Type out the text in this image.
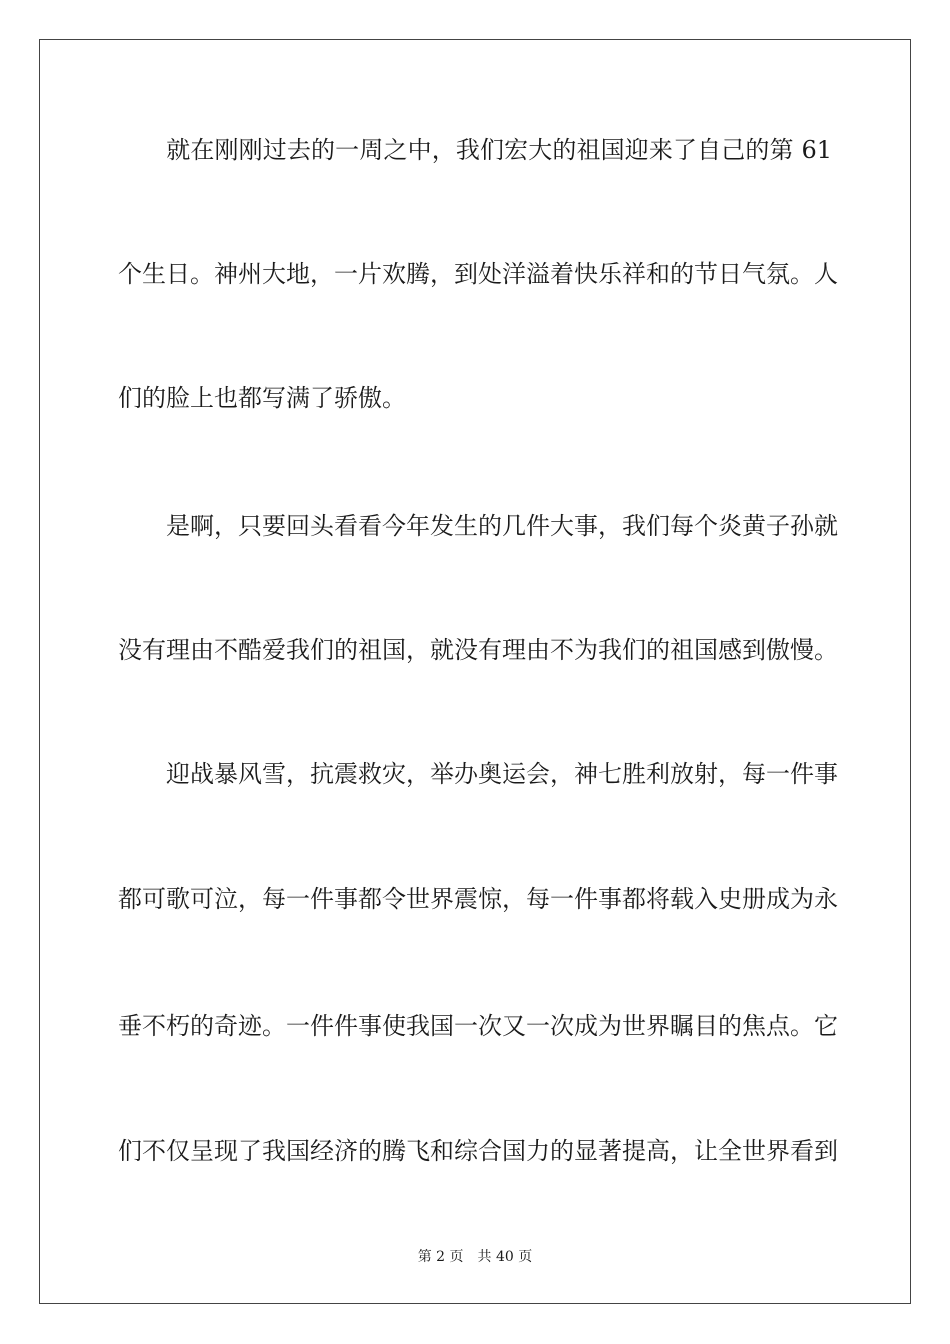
　　就在刚刚过去的一周之中，我们宏大的祖国迎来了自己的第 61
个生日。神州大地，一片欢腾，到处洋溢着快乐祥和的节日气氛。人
们的脸上也都写满了骄傲。
　　是啊，只要回头看看今年发生的几件大事，我们每个炎黄子孙就
没有理由不酷爱我们的祖国，就没有理由不为我们的祖国感到傲慢。
　　迎战暴风雪，抗震救灾，举办奥运会，神七胜利放射，每一件事
都可歌可泣，每一件事都令世界震惊，每一件事都将载入史册成为永
垂不朽的奇迹。一件件事使我国一次又一次成为世界瞩目的焦点。它
们不仅呈现了我国经济的腾飞和综合国力的显著提高，让全世界看到
第 2 页 共 40 页
